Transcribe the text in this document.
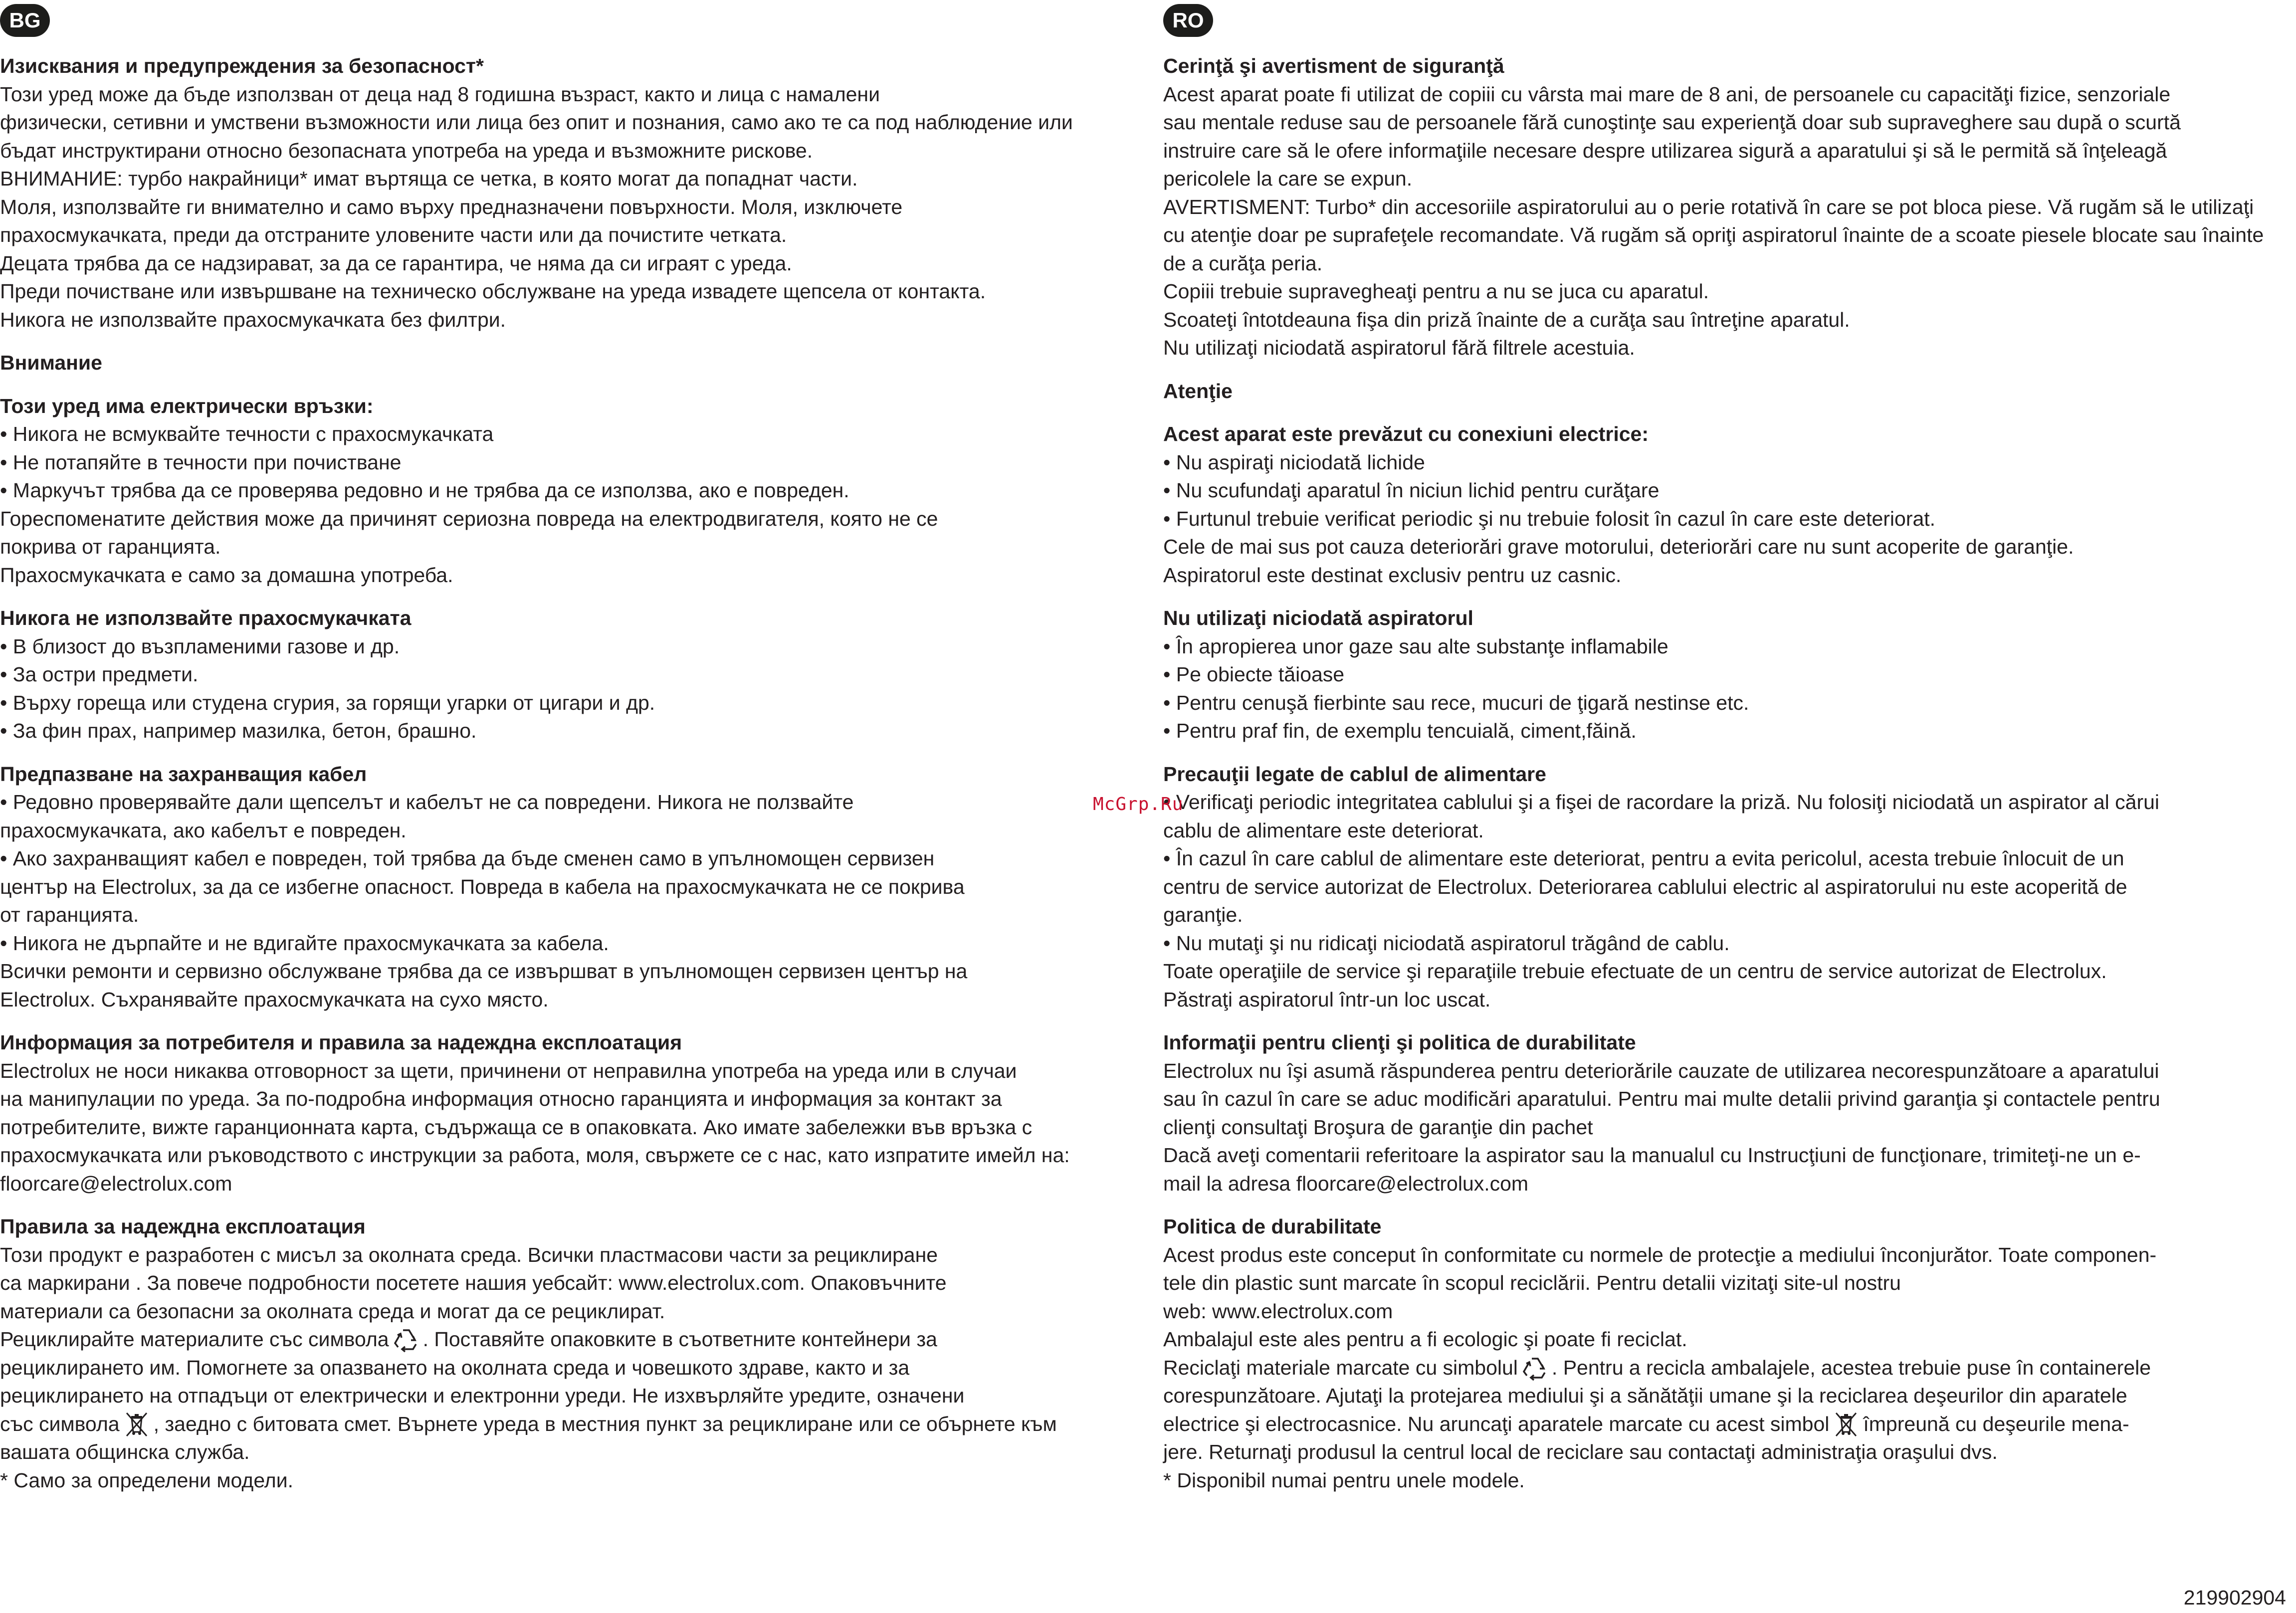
BG
Изисквания и предупреждения за безопасност*

Този уред може да бъде използван от деца над 8 годишна възраст, както и лица с намалени

физически, сетивни и умствени възможности или лица без опит и познания, само ако те са под наблюдение или

бъдат инструктирани относно безопасната употреба на уреда и възможните рискове.

ВНИМАНИЕ: турбо накрайници* имат въртяща се четка, в която могат да попаднат части.

Моля, използвайте ги внимателно и само върху предназначени повърхности. Моля, изключете

прахосмукачката, преди да отстраните уловените части или да почистите четката.

Децата трябва да се надзирават, за да се гарантира, че няма да си играят с уреда.

Преди почистване или извършване на техническо обслужване на уреда извадете щепсела от контакта.

Никога не използвайте прахосмукачката без филтри.

Внимание
Този уред има електрически връзки:

• Никога не всмуквайте течности с прахосмукачката

• Не потапяйте в течности при почистване

• Маркучът трябва да се проверява редовно и не трябва да се използва, ако е повреден.

Гореспоменатите действия може да причинят сериозна повреда на електродвигателя, която не се

покрива от гаранцията.

Прахосмукачката е само за домашна употреба.

Никога не използвайте прахосмукачката

• В близост до възпламеними газове и др.

• За остри предмети.

• Върху гореща или студена сгурия, за горящи угарки от цигари и др.

• За фин прах, например мазилка, бетон, брашно.

Предпазване на захранващия кабел

• Редовно проверявайте дали щепселът и кабелът не са повредени. Никога не ползвайте

прахосмукачката, ако кабелът е повреден.

• Ако захранващият кабел е повреден, той трябва да бъде сменен само в упълномощен сервизен

център на Electrolux, за да се избегне опасност. Повреда в кабела на прахосмукачката не се покрива

от гаранцията.

• Никога не дърпайте и не вдигайте прахосмукачката за кабела.

Всички ремонти и сервизно обслужване трябва да се извършват в упълномощен сервизен център на

Electrolux. Съхранявайте прахосмукачката на сухо място.

Информация за потребителя и правила за надеждна експлоатация

Electrolux не носи никаква отговорност за щети, причинени от неправилна употреба на уреда или в случаи

на манипулации по уреда. За по-подробна информация относно гаранцията и информация за контакт за

потребителите, вижте гаранционната карта, съдържаща се в опаковката. Ако имате забележки във връзка с

прахосмукачката или ръководството с инструкции за работа, моля, свържете се с нас, като изпратите имейл на:

floorcare@electrolux.com

Правила за надеждна експлоатация

Този продукт е разработен с мисъл за околната среда. Всички пластмасови части за рециклиране

са маркирани . За повече подробности посетете нашия уебсайт: www.electrolux.com. Опаковъчните

материали са безопасни за околната среда и могат да се рециклират.

Рециклирайте материалите със символа . Поставяйте опаковките в съответните контейнери за

рециклирането им. Помогнете за опазването на околната среда и човешкото здраве, както и за

рециклирането на отпадъци от електрически и електронни уреди. Не изхвърляйте уредите, означени

със символа , заедно с битовата смет. Върнете уреда в местния пункт за рециклиране или се обърнете към

вашата общинска служба.

* Само за определени модели.

RO
Cerinţă şi avertisment de siguranţă

Acest aparat poate fi utilizat de copiii cu vârsta mai mare de 8 ani, de persoanele cu capacităţi fizice, senzoriale

sau mentale reduse sau de persoanele fără cunoştinţe sau experienţă doar sub supraveghere sau după o scurtă

instruire care să le ofere informaţiile necesare despre utilizarea sigură a aparatului şi să le permită să înţeleagă

pericolele la care se expun.

AVERTISMENT: Turbo* din accesoriile aspiratorului au o perie rotativă în care se pot bloca piese. Vă rugăm să le utilizaţi

cu atenţie doar pe suprafeţele recomandate. Vă rugăm să opriţi aspiratorul înainte de a scoate piesele blocate sau înainte

de a curăţa peria.

Copiii trebuie supravegheaţi pentru a nu se juca cu aparatul.

Scoateţi întotdeauna fişa din priză înainte de a curăţa sau întreţine aparatul.

Nu utilizaţi niciodată aspiratorul fără filtrele acestuia.

Atenţie
Acest aparat este prevăzut cu conexiuni electrice:

• Nu aspiraţi niciodată lichide

• Nu scufundaţi aparatul în niciun lichid pentru curăţare

• Furtunul trebuie verificat periodic şi nu trebuie folosit în cazul în care este deteriorat.

Cele de mai sus pot cauza deteriorări grave motorului, deteriorări care nu sunt acoperite de garanţie.

Aspiratorul este destinat exclusiv pentru uz casnic.

Nu utilizaţi niciodată aspiratorul

• În apropierea unor gaze sau alte substanţe inflamabile

• Pe obiecte tăioase

• Pentru cenuşă fierbinte sau rece, mucuri de ţigară nestinse etc.

• Pentru praf fin, de exemplu tencuială, ciment,făină.

Precauţii legate de cablul de alimentare

• Verificaţi periodic integritatea cablului şi a fişei de racordare la priză. Nu folosiţi niciodată un aspirator al cărui

cablu de alimentare este deteriorat.

• În cazul în care cablul de alimentare este deteriorat, pentru a evita pericolul, acesta trebuie înlocuit de un

centru de service autorizat de Electrolux. Deteriorarea cablului electric al aspiratorului nu este acoperită de

garanţie.

• Nu mutaţi şi nu ridicaţi niciodată aspiratorul trăgând de cablu.

Toate operaţiile de service şi reparaţiile trebuie efectuate de un centru de service autorizat de Electrolux.

Păstraţi aspiratorul într-un loc uscat.

Informaţii pentru clienţi şi politica de durabilitate

Electrolux nu îşi asumă răspunderea pentru deteriorările cauzate de utilizarea necorespunzătoare a aparatului

sau în cazul în care se aduc modificări aparatului. Pentru mai multe detalii privind garanţia şi contactele pentru

clienţi consultaţi Broşura de garanţie din pachet

Dacă aveţi comentarii referitoare la aspirator sau la manualul cu Instrucţiuni de funcţionare, trimiteţi-ne un e-

mail la adresa floorcare@electrolux.com

Politica de durabilitate

Acest produs este conceput în conformitate cu normele de protecţie a mediului înconjurător. Toate componen-

tele din plastic sunt marcate în scopul reciclării. Pentru detalii vizitaţi site-ul nostru

web: www.electrolux.com

Ambalajul este ales pentru a fi ecologic şi poate fi reciclat.

Reciclaţi materiale marcate cu simbolul . Pentru a recicla ambalajele, acestea trebuie puse în containerele

corespunzătoare. Ajutaţi la protejarea mediului şi a sănătăţii umane şi la reciclarea deşeurilor din aparatele

electrice şi electrocasnice. Nu aruncaţi aparatele marcate cu acest simbol împreună cu deşeurile mena-

jere. Returnaţi produsul la centrul local de reciclare sau contactaţi administraţia oraşului dvs.

* Disponibil numai pentru unele modele.

McGrp.Ru
219902904
